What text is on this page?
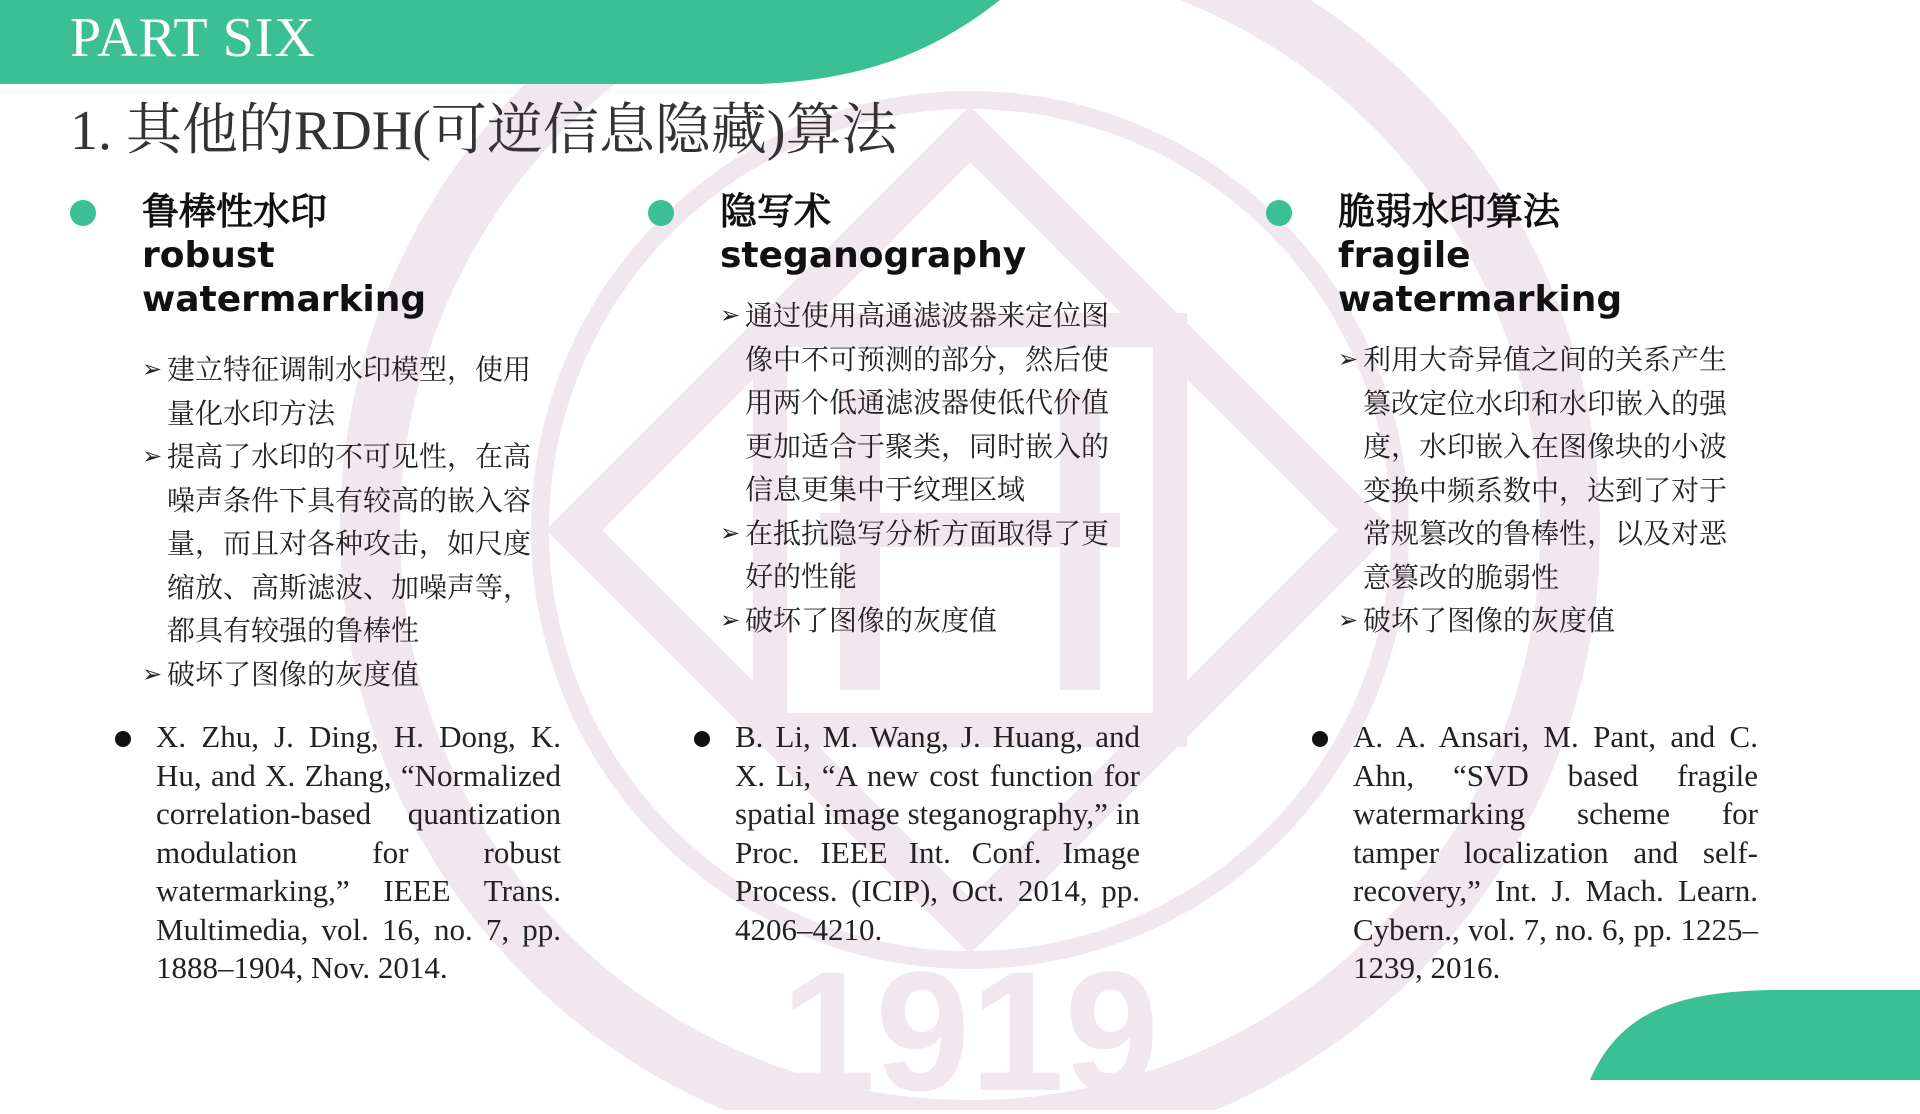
1919
PART SIX
1. 其他的RDH(可逆信息隐藏)算法
鲁棒性水印
robust watermarking
➢ 建立特征调制水印模型，使用量化水印方法
➢ 提高了水印的不可见性，在高噪声条件下具有较高的嵌入容量，而且对各种攻击，如尺度缩放、高斯滤波、加噪声等，都具有较强的鲁棒性
➢ 破坏了图像的灰度值
隐写术
steganography
➢ 通过使用高通滤波器来定位图像中不可预测的部分，然后使用两个低通滤波器使低代价值更加适合于聚类，同时嵌入的信息更集中于纹理区域
➢ 在抵抗隐写分析方面取得了更好的性能
➢ 破坏了图像的灰度值
脆弱水印算法
fragile watermarking
➢ 利用大奇异值之间的关系产生篡改定位水印和水印嵌入的强度，水印嵌入在图像块的小波变换中频系数中，达到了对于常规篡改的鲁棒性，以及对恶意篡改的脆弱性
➢ 破坏了图像的灰度值

X. Zhu, J. Ding, H. Dong, K. Hu, and X. Zhang, “Normalized correlation-based quantization modulation for robust watermarking,” IEEE Trans. Multimedia, vol. 16, no. 7, pp. 1888–1904, Nov. 2014.

B. Li, M. Wang, J. Huang, and X. Li, “A new cost function for spatial image steganography,” in Proc. IEEE Int. Conf. Image Process. (ICIP), Oct. 2014, pp. 4206–4210.

A. A. Ansari, M. Pant, and C. Ahn, “SVD based fragile watermarking scheme for tamper localization and self-recovery,” Int. J. Mach. Learn. Cybern., vol. 7, no. 6, pp. 1225–1239, 2016.
